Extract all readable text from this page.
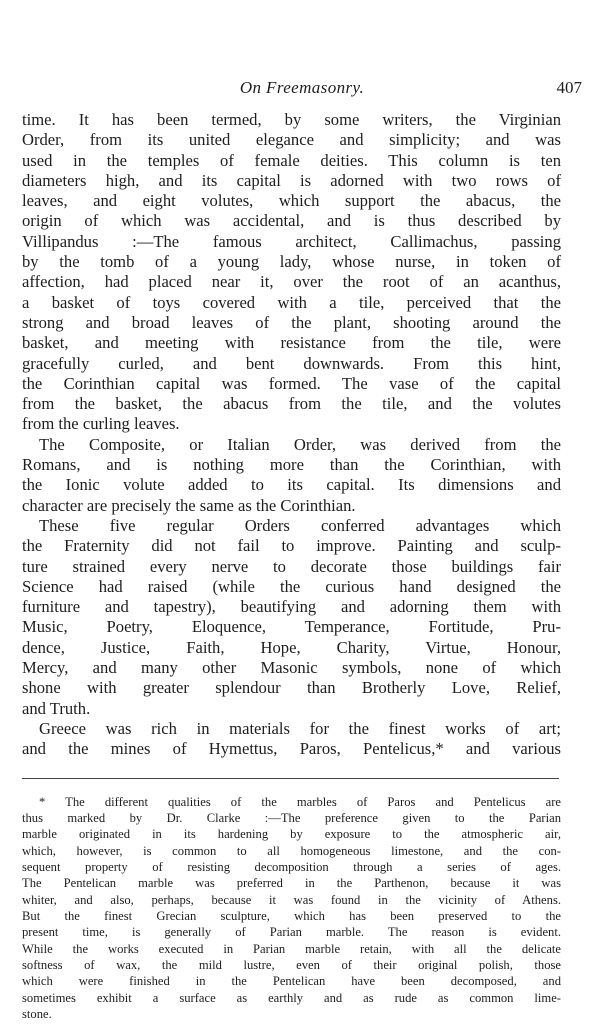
On Freemasonry.	407
time. It has been termed, by some writers, the Virginian
Order, from its united elegance and simplicity; and was
used in the temples of female deities. This column is ten
diameters high, and its capital is adorned with two rows of
leaves, and eight volutes, which support the abacus, the
origin of which was accidental, and is thus described by
Villipandus :—The famous architect, Callimachus, passing
by the tomb of a young lady, whose nurse, in token of
affection, had placed near it, over the root of an acanthus,
a basket of toys covered with a tile, perceived that the
strong and broad leaves of the plant, shooting around the
basket, and meeting with resistance from the tile, were
gracefully curled, and bent downwards. From this hint,
the Corinthian capital was formed. The vase of the capital
from the basket, the abacus from the tile, and the volutes
from the curling leaves.
The Composite, or Italian Order, was derived from the
Romans, and is nothing more than the Corinthian, with
the Ionic volute added to its capital. Its dimensions and
character are precisely the same as the Corinthian.
These five regular Orders conferred advantages which
the Fraternity did not fail to improve. Painting and sculp-
ture strained every nerve to decorate those buildings fair
Science had raised (while the curious hand designed the
furniture and tapestry), beautifying and adorning them with
Music, Poetry, Eloquence, Temperance, Fortitude, Pru-
dence, Justice, Faith, Hope, Charity, Virtue, Honour,
Mercy, and many other Masonic symbols, none of which
shone with greater splendour than Brotherly Love, Relief,
and Truth.
Greece was rich in materials for the finest works of art;
and the mines of Hymettus, Paros, Pentelicus,* and various
* The different qualities of the marbles of Paros and Pentelicus are
thus marked by Dr. Clarke :—The preference given to the Parian
marble originated in its hardening by exposure to the atmospheric air,
which, however, is common to all homogeneous limestone, and the con-
sequent property of resisting decomposition through a series of ages.
The Pentelican marble was preferred in the Parthenon, because it was
whiter, and also, perhaps, because it was found in the vicinity of Athens.
But the finest Grecian sculpture, which has been preserved to the
present time, is generally of Parian marble. The reason is evident.
While the works executed in Parian marble retain, with all the delicate
softness of wax, the mild lustre, even of their original polish, those
which were finished in the Pentelican have been decomposed, and
sometimes exhibit a surface as earthly and as rude as common lime-
stone.
